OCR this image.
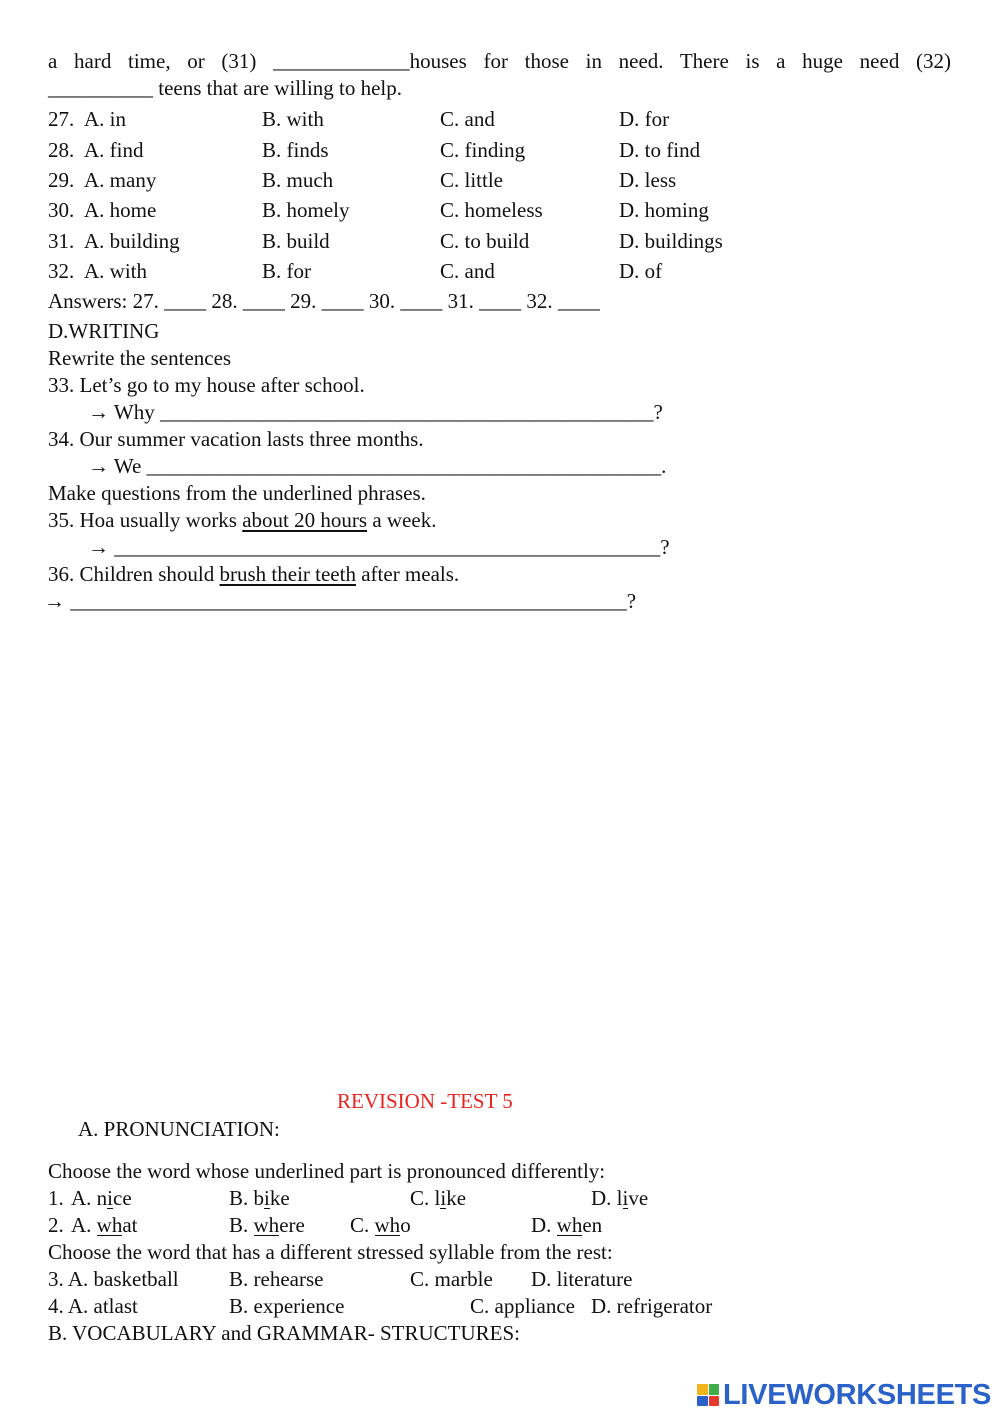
a hard time, or (31) _____________houses for those in need. There is a huge need (32)
__________ teens that are willing to help.
27. A. in	B. with	C. and	D. for
28. A. find	B. finds	C. finding	D. to find
29. A. many	B. much	C. little	D. less
30. A. home	B. homely	C. homeless	D. homing
31. A. building	B. build	C. to build	D. buildings
32. A. with	B. for	C. and	D. of
Answers: 27. ____ 28. ____ 29. ____ 30. ____ 31. ____ 32. ____
D.WRITING
Rewrite the sentences
33. Let’s go to my house after school.
→ Why _______________________________________________?
34. Our summer vacation lasts three months.
→ We _________________________________________________.
Make questions from the underlined phrases.
35. Hoa usually works about 20 hours a week.
→ ____________________________________________________?
36. Children should brush their teeth after meals.
→ _____________________________________________________?
REVISION -TEST 5
A. PRONUNCIATION:
Choose the word whose underlined part is pronounced differently:
1. A. nice	B. bike	C. like	D. live
2. A. what	B. where C. who	D. when
Choose the word that has a different stressed syllable from the rest:
3. A. basketball B. rehearse	C. marble D. literature
4. A. atlast	B. experience	C. appliance D. refrigerator
B. VOCABULARY and GRAMMAR- STRUCTURES:
LIVEWORKSHEETS
